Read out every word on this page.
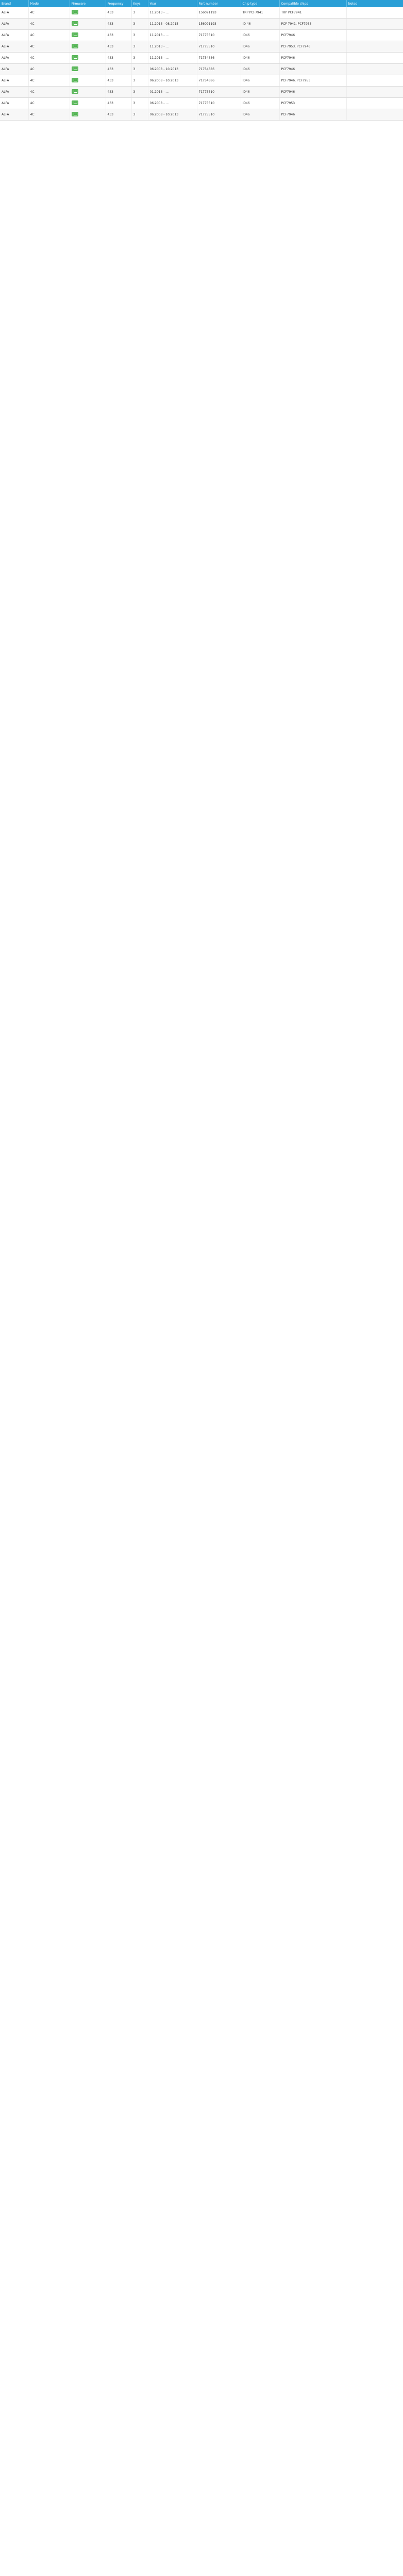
Brand	Model	Firmware	Frequency	Keys	Year	Part number	Chip type	Compatible chips	Notes
ALFA	4C		433	3	11.2013 - ...	156091193	TRP PCF7941	TRP PCF7941	
ALFA	4C		433	3	11.2013 - 08.2015	156091193	ID 46	PCF 7941, PCF7953	
ALFA	4C		433	3	11.2013 - ...	71775510	ID46	PCF7946	
ALFA	4C		433	3	11.2013 - ...	71775510	ID46	PCF7953, PCF7946	
ALFA	4C		433	3	11.2013 - ...	71754386	ID46	PCF7946	
ALFA	4C		433	3	06.2008 - 10.2013	71754386	ID46	PCF7946	
ALFA	4C		433	3	06.2008 - 10.2013	71754386	ID46	PCF7946, PCF7953	
ALFA	4C		433	3	01.2013 - ...	71775510	ID46	PCF7946	
ALFA	4C		433	3	06.2008 - ...	71775510	ID46	PCF7953	
ALFA	4C		433	3	06.2008 - 10.2013	71775510	ID46	PCF7946	
